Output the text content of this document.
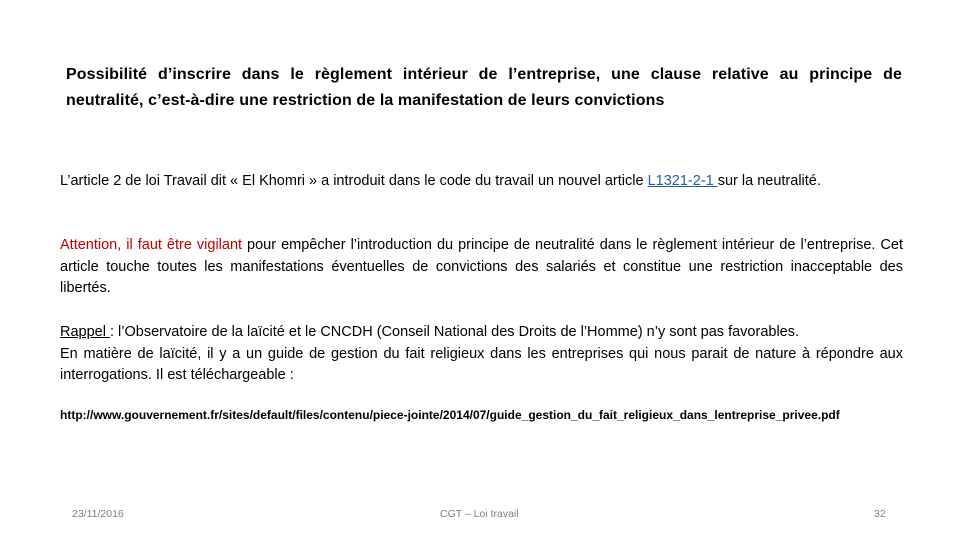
Possibilité d’inscrire dans le règlement intérieur de l’entreprise, une clause relative au principe de neutralité, c’est-à-dire une restriction de la manifestation de leurs convictions
L’article 2 de loi Travail dit « El Khomri » a introduit dans le code du travail un nouvel article L1321-2-1 sur la neutralité.
Attention, il faut être vigilant pour empêcher l’introduction du principe de neutralité dans le règlement intérieur de l’entreprise. Cet article touche toutes les manifestations éventuelles de convictions des salariés et constitue une restriction inacceptable des libertés.
Rappel : l’Observatoire de la laïcité et le CNCDH (Conseil National des Droits de l’Homme) n’y sont pas favorables.
En matière de laïcité, il y a un guide de gestion du fait religieux dans les entreprises qui nous parait de nature à répondre aux interrogations. Il est téléchargeable :
http://www.gouvernement.fr/sites/default/files/contenu/piece-jointe/2014/07/guide_gestion_du_fait_religieux_dans_lentreprise_privee.pdf
23/11/2016	CGT – Loi travail	32
